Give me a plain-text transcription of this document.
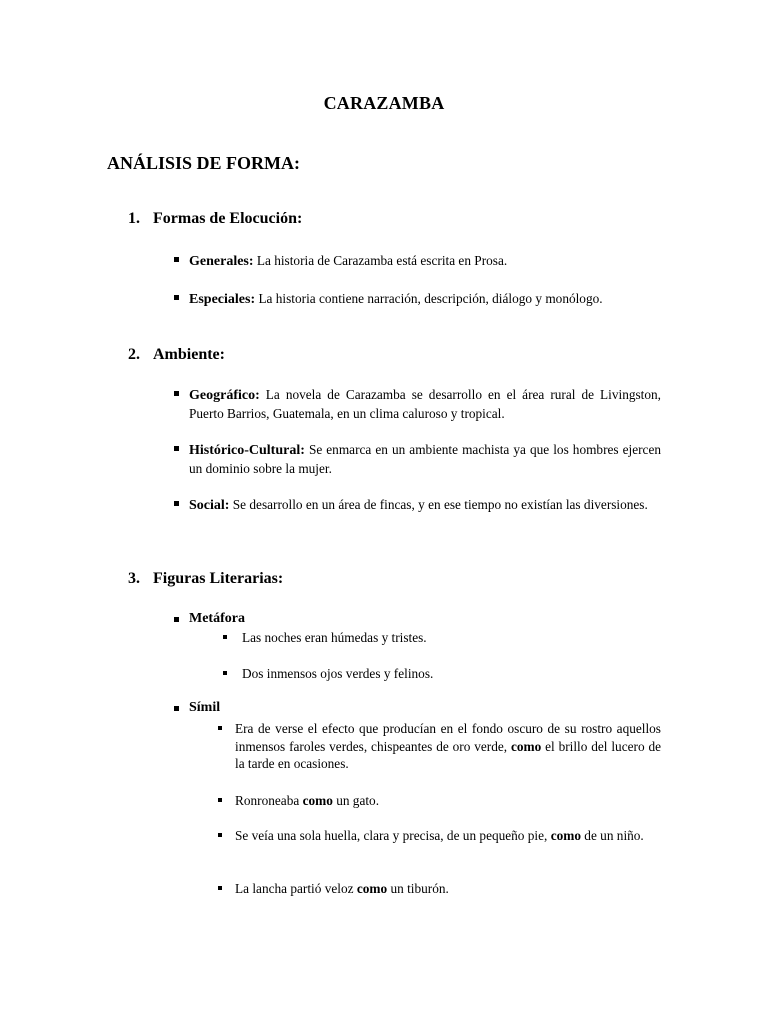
CARAZAMBA
ANÁLISIS DE FORMA:
1. Formas de Elocución:
Generales: La historia de Carazamba está escrita en Prosa.
Especiales: La historia contiene narración, descripción, diálogo y monólogo.
2. Ambiente:
Geográfico: La novela de Carazamba se desarrollo en el área rural de Livingston, Puerto Barrios, Guatemala, en un clima caluroso y tropical.
Histórico-Cultural: Se enmarca en un ambiente machista ya que los hombres ejercen un dominio sobre la mujer.
Social: Se desarrollo en un área de fincas, y en ese tiempo no existían las diversiones.
3. Figuras Literarias:
Metáfora
Las noches eran húmedas y tristes.
Dos inmensos ojos verdes y felinos.
Símil
Era de verse el efecto que producían en el fondo oscuro de su rostro aquellos inmensos faroles verdes, chispeantes de oro verde, como el brillo del lucero de la tarde en ocasiones.
Ronroneaba como un gato.
Se veía una sola huella, clara y precisa, de un pequeño pie, como de un niño.
La lancha partió veloz como un tiburón.
